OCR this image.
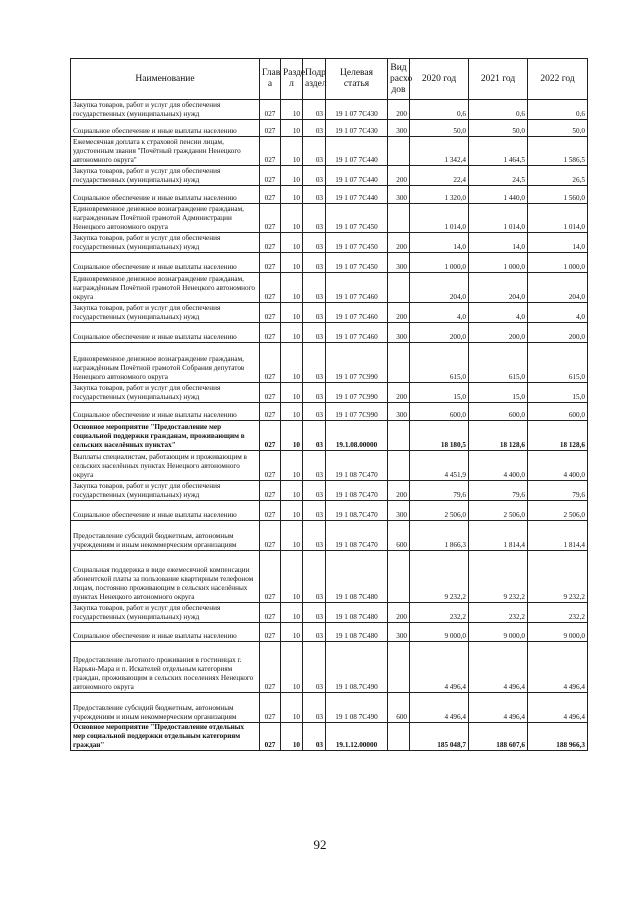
Наименование	Глав а	Разде л	Подр аздел	Целевая статья	Вид расхо дов	2020 год	2021 год	2022 год
Закупка товаров, работ и услуг для обеспечения государственных (муниципальных) нужд	027	10	03	19 1 07 7С430	200	0,6	0,6	0,6
Социальное обеспечение и иные выплаты населению	027	10	03	19 1 07 7С430	300	50,0	50,0	50,0
Ежемесячная доплата к страховой пенсии лицам, удостоенным звания "Почётный гражданин Ненецкого автономного округа"	027	10	03	19 1 07 7С440		1 342,4	1 464,5	1 586,5
Закупка товаров, работ и услуг для обеспечения государственных (муниципальных) нужд	027	10	03	19 1 07 7С440	200	22,4	24,5	26,5
Социальное обеспечение и иные выплаты населению	027	10	03	19 1 07 7С440	300	1 320,0	1 440,0	1 560,0
Единовременное денежное вознаграждение гражданам, награжденным Почётной грамотой Администрации Ненецкого автономного округа	027	10	03	19 1 07 7С450		1 014,0	1 014,0	1 014,0
Закупка товаров, работ и услуг для обеспечения государственных (муниципальных) нужд	027	10	03	19 1 07 7С450	200	14,0	14,0	14,0
Социальное обеспечение и иные выплаты населению	027	10	03	19 1 07 7С450	300	1 000,0	1 000,0	1 000,0
Единовременное денежное вознаграждение гражданам, награждённым Почётной грамотой Ненецкого автономного округа	027	10	03	19 1 07 7С460		204,0	204,0	204,0
Закупка товаров, работ и услуг для обеспечения государственных (муниципальных) нужд	027	10	03	19 1 07 7С460	200	4,0	4,0	4,0
Социальное обеспечение и иные выплаты населению	027	10	03	19 1 07 7С460	300	200,0	200,0	200,0
Единовременное денежное вознаграждение гражданам, награждённым Почётной грамотой Собрания депутатов Ненецкого автономного округа	027	10	03	19 1 07 7С990		615,0	615,0	615,0
Закупка товаров, работ и услуг для обеспечения государственных (муниципальных) нужд	027	10	03	19 1 07 7С990	200	15,0	15,0	15,0
Социальное обеспечение и иные выплаты населению	027	10	03	19 1 07 7С990	300	600,0	600,0	600,0
Основное мероприятие "Предоставление мер социальной поддержки гражданам, проживающим в сельских населённых пунктах"	027	10	03	19.1.08.00000		18 180,5	18 128,6	18 128,6
Выплаты специалистам, работающим и проживающим в сельских населённых пунктах Ненецкого автономного округа	027	10	03	19 1 08 7С470		4 451,9	4 400,0	4 400,0
Закупка товаров, работ и услуг для обеспечения государственных (муниципальных) нужд	027	10	03	19 1 08 7С470	200	79,6	79,6	79,6
Социальное обеспечение и иные выплаты населению	027	10	03	19 1 08.7С470	300	2 506,0	2 506,0	2 506,0
Предоставление субсидий бюджетным, автономным учреждениям и иным некоммерческим организациям	027	10	03	19 1 08 7С470	600	1 866,3	1 814,4	1 814,4
Социальная поддержка в виде ежемесячной компенсации абонентской платы за пользование квартирным телефоном лицам, постоянно проживающим в сельских населённых пунктах Ненецкого автономного округа	027	10	03	19 1 08 7С480		9 232,2	9 232,2	9 232,2
Закупка товаров, работ и услуг для обеспечения государственных (муниципальных) нужд	027	10	03	19 1 08 7С480	200	232,2	232,2	232,2
Социальное обеспечение и иные выплаты населению	027	10	03	19 1 08 7С480	300	9 000,0	9 000,0	9 000,0
Предоставление льготного проживания в гостиницах г. Нарьян-Мара и п. Искателей отдельным категориям граждан, проживающим в сельских поселениях Ненецкого автономного округа	027	10	03	19 1 08.7С490		4 496,4	4 496,4	4 496,4
Предоставление субсидий бюджетным, автономным учреждениям и иным некоммерческим организациям	027	10	03	19 1 08 7С490	600	4 496,4	4 496,4	4 496,4
Основное мероприятие "Предоставление отдельных мер социальной поддержки отдельным категориям граждан"	027	10	03	19.1.12.00000		185 048,7	188 607,6	188 966,3
92
